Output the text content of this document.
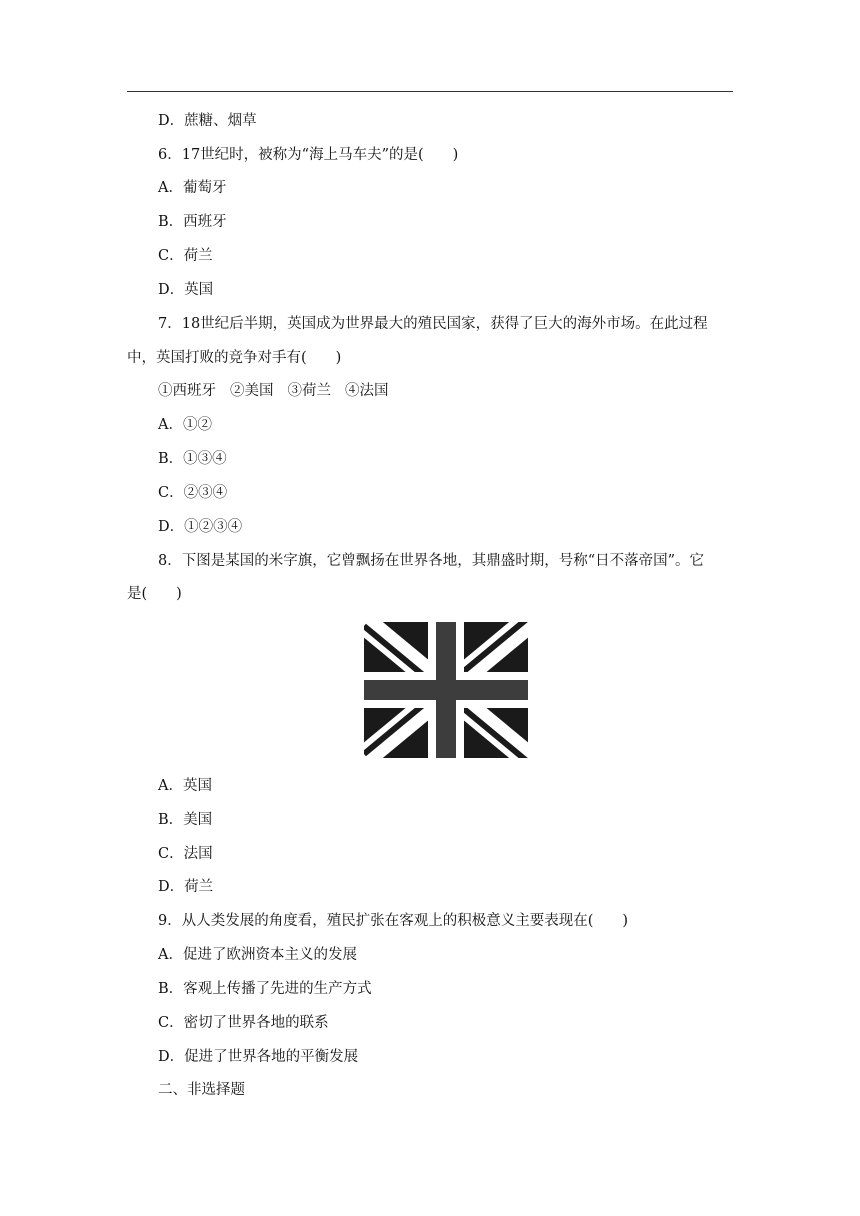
D．蔗糖、烟草
6．17世纪时，被称为“海上马车夫”的是(　　)
A．葡萄牙
B．西班牙
C．荷兰
D．英国
7．18世纪后半期，英国成为世界最大的殖民国家，获得了巨大的海外市场。在此过程
中，英国打败的竞争对手有(　　)
①西班牙 ②美国 ③荷兰 ④法国
A．①②
B．①③④
C．②③④
D．①②③④
8．下图是某国的米字旗，它曾飘扬在世界各地，其鼎盛时期，号称“日不落帝国”。它
是(　　)
A．英国
B．美国
C．法国
D．荷兰
9．从人类发展的角度看，殖民扩张在客观上的积极意义主要表现在(　　)
A．促进了欧洲资本主义的发展
B．客观上传播了先进的生产方式
C．密切了世界各地的联系
D．促进了世界各地的平衡发展
二、非选择题
